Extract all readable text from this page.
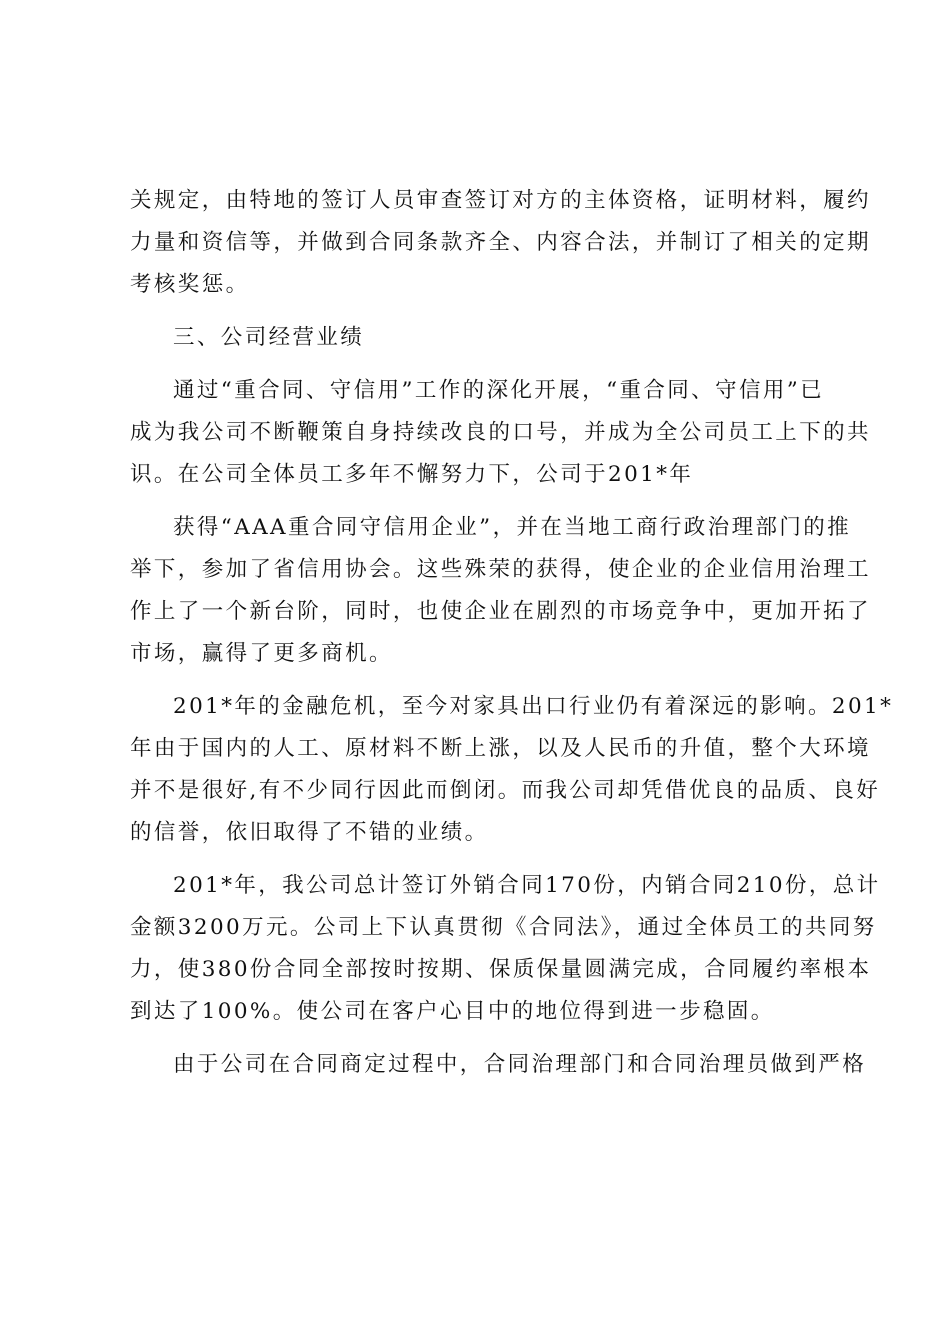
关规定，由特地的签订人员审查签订对方的主体资格，证明材料，履约
力量和资信等，并做到合同条款齐全、内容合法，并制订了相关的定期
考核奖惩。
三、公司经营业绩
通过“重合同、守信用”工作的深化开展，“重合同、守信用”已
成为我公司不断鞭策自身持续改良的口号，并成为全公司员工上下的共
识。在公司全体员工多年不懈努力下，公司于201*年
获得“AAA重合同守信用企业”，并在当地工商行政治理部门的推
举下，参加了省信用协会。这些殊荣的获得，使企业的企业信用治理工
作上了一个新台阶，同时，也使企业在剧烈的市场竞争中，更加开拓了
市场，赢得了更多商机。
201*年的金融危机，至今对家具出口行业仍有着深远的影响。201*
年由于国内的人工、原材料不断上涨，以及人民币的升值，整个大环境
并不是很好,有不少同行因此而倒闭。而我公司却凭借优良的品质、良好
的信誉，依旧取得了不错的业绩。
201*年，我公司总计签订外销合同170份，内销合同210份，总计
金额3200万元。公司上下认真贯彻《合同法》，通过全体员工的共同努
力，使380份合同全部按时按期、保质保量圆满完成，合同履约率根本
到达了100%。使公司在客户心目中的地位得到进一步稳固。
由于公司在合同商定过程中，合同治理部门和合同治理员做到严格
